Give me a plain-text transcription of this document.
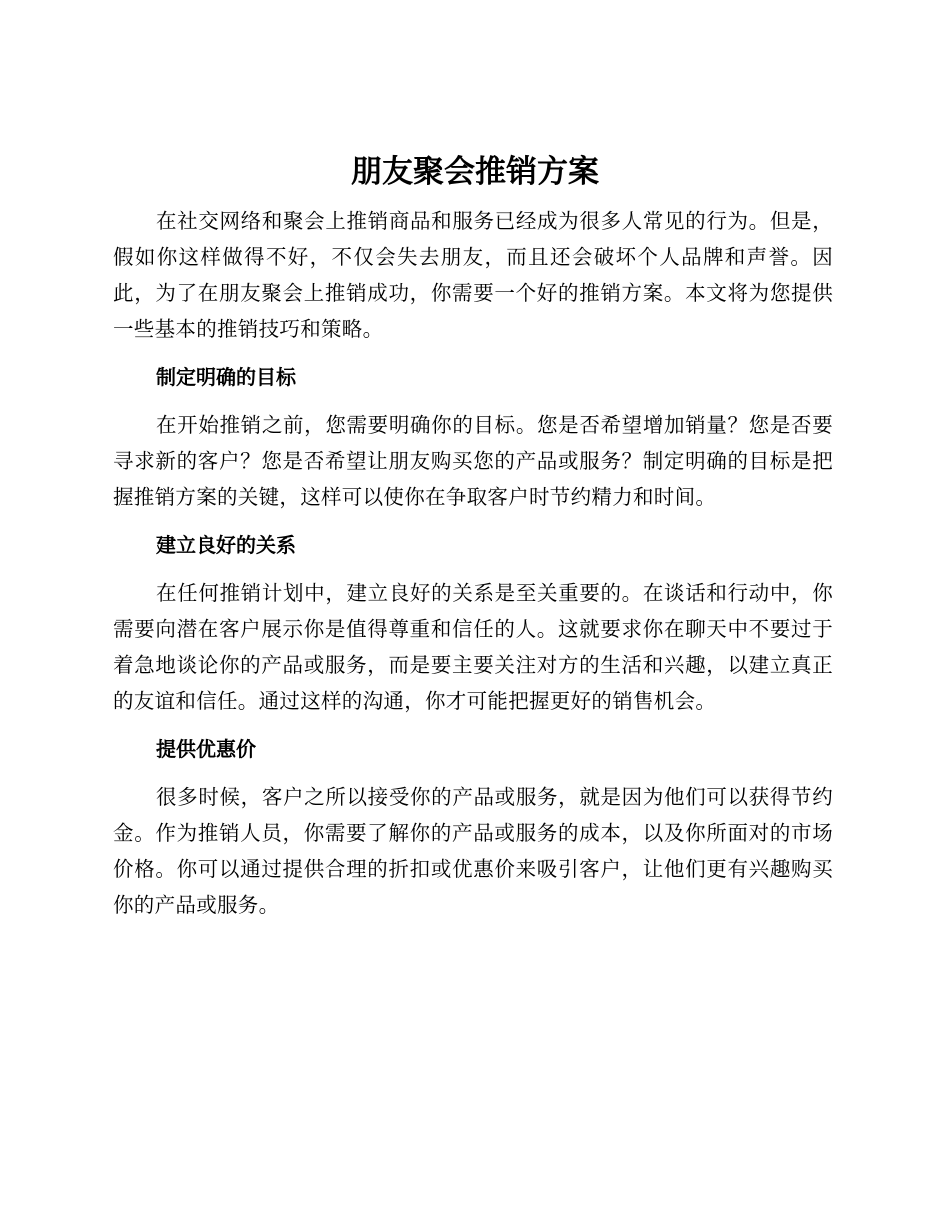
朋友聚会推销方案

在社交网络和聚会上推销商品和服务已经成为很多人常见的行为。但是，假如你这样做得不好，不仅会失去朋友，而且还会破坏个人品牌和声誉。因此，为了在朋友聚会上推销成功，你需要一个好的推销方案。本文将为您提供一些基本的推销技巧和策略。

制定明确的目标

在开始推销之前，您需要明确你的目标。您是否希望增加销量？您是否要寻求新的客户？您是否希望让朋友购买您的产品或服务？制定明确的目标是把握推销方案的关键，这样可以使你在争取客户时节约精力和时间。

建立良好的关系

在任何推销计划中，建立良好的关系是至关重要的。在谈话和行动中，你需要向潜在客户展示你是值得尊重和信任的人。这就要求你在聊天中不要过于着急地谈论你的产品或服务，而是要主要关注对方的生活和兴趣，以建立真正的友谊和信任。通过这样的沟通，你才可能把握更好的销售机会。

提供优惠价

很多时候，客户之所以接受你的产品或服务，就是因为他们可以获得节约金。作为推销人员，你需要了解你的产品或服务的成本，以及你所面对的市场价格。你可以通过提供合理的折扣或优惠价来吸引客户，让他们更有兴趣购买你的产品或服务。
